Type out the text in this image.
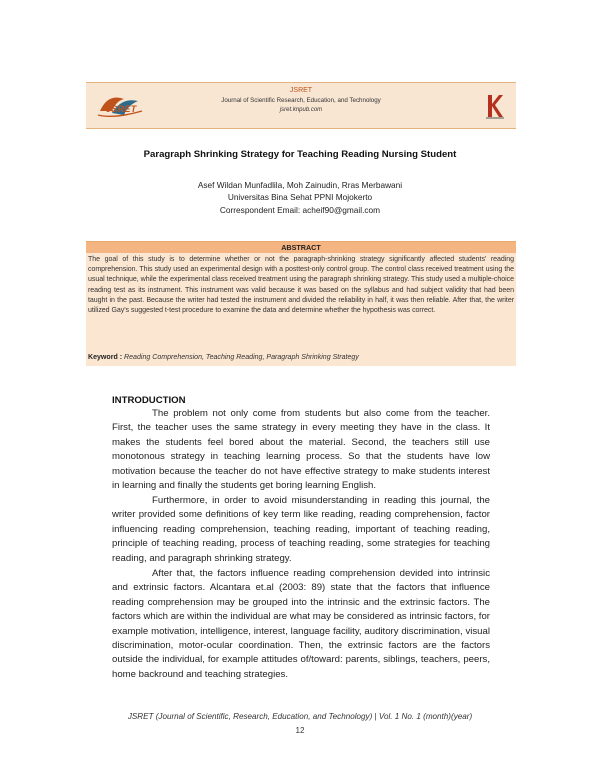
JSRET
JSRET
Journal of Scientific Research, Education, and Technology
jsret.knpub.com
Paragraph Shrinking Strategy for Teaching Reading Nursing Student
Asef Wildan Munfadlila, Moh Zainudin, Rras Merbawani
Universitas Bina Sehat PPNI Mojokerto
Correspondent Email: acheif90@gmail.com
ABSTRACT
The goal of this study is to determine whether or not the paragraph-shrinking strategy significantly affected students' reading comprehension. This study used an experimental design with a posttest-only control group. The control class received treatment using the usual technique, while the experimental class received treatment using the paragraph shrinking strategy. This study used a multiple-choice reading test as its instrument. This instrument was valid because it was based on the syllabus and had subject validity that had been taught in the past. Because the writer had tested the instrument and divided the reliability in half, it was then reliable. After that, the writer utilized Gay's suggested t-test procedure to examine the data and determine whether the hypothesis was correct.
Keyword : Reading Comprehension, Teaching Reading, Paragraph Shrinking Strategy
INTRODUCTION

The problem not only come from students but also come from the teacher. First, the teacher uses the same strategy in every meeting they have in the class. It makes the students feel bored about the material. Second, the teachers still use monotonous strategy in teaching learning process. So that the students have low motivation because the teacher do not have effective strategy to make students interest in learning and finally the students get boring learning English.

Furthermore, in order to avoid misunderstanding in reading this journal, the writer provided some definitions of key term like reading, reading comprehension, factor influencing reading comprehension, teaching reading, important of teaching reading, principle of teaching reading, process of teaching reading, some strategies for teaching reading, and paragraph shrinking strategy.

After that, the factors influence reading comprehension devided into intrinsic and extrinsic factors. Alcantara et.al (2003: 89) state that the factors that influence reading comprehension may be grouped into the intrinsic and the extrinsic factors. The factors which are within the individual are what may be considered as intrinsic factors, for example motivation, intelligence, interest, language facility, auditory discrimination, visual discrimination, motor-ocular coordination. Then, the extrinsic factors are the factors outside the individual, for example attitudes of/toward: parents, siblings, teachers, peers, home backround and teaching strategies.

JSRET (Journal of Scientific, Research, Education, and Technology) | Vol. 1 No. 1 (month)(year)
12
